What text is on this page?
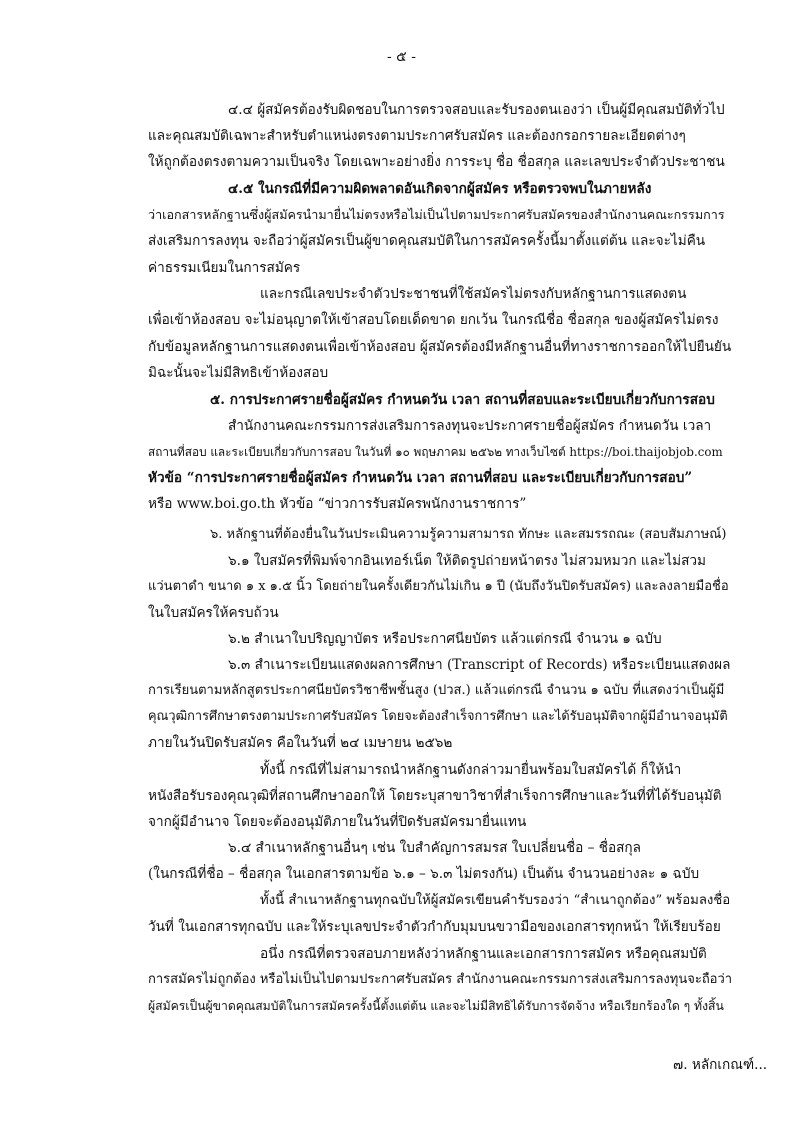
- ๕ -
๔.๔ ผู้สมัครต้องรับผิดชอบในการตรวจสอบและรับรองตนเองว่า เป็นผู้มีคุณสมบัติทั่วไป
และคุณสมบัติเฉพาะสำหรับตำแหน่งตรงตามประกาศรับสมัคร และต้องกรอกรายละเอียดต่างๆ
ให้ถูกต้องตรงตามความเป็นจริง โดยเฉพาะอย่างยิ่ง การระบุ ชื่อ ชื่อสกุล และเลขประจำตัวประชาชน
๔.๕ ในกรณีที่มีความผิดพลาดอันเกิดจากผู้สมัคร หรือตรวจพบในภายหลัง
ว่าเอกสารหลักฐานซึ่งผู้สมัครนำมายื่นไม่ตรงหรือไม่เป็นไปตามประกาศรับสมัครของสำนักงานคณะกรรมการ
ส่งเสริมการลงทุน จะถือว่าผู้สมัครเป็นผู้ขาดคุณสมบัติในการสมัครครั้งนี้มาตั้งแต่ต้น และจะไม่คืน
ค่าธรรมเนียมในการสมัคร
และกรณีเลขประจำตัวประชาชนที่ใช้สมัครไม่ตรงกับหลักฐานการแสดงตน
เพื่อเข้าห้องสอบ จะไม่อนุญาตให้เข้าสอบโดยเด็ดขาด ยกเว้น ในกรณีชื่อ ชื่อสกุล ของผู้สมัครไม่ตรง
กับข้อมูลหลักฐานการแสดงตนเพื่อเข้าห้องสอบ ผู้สมัครต้องมีหลักฐานอื่นที่ทางราชการออกให้ไปยืนยัน
มิฉะนั้นจะไม่มีสิทธิเข้าห้องสอบ
๕. การประกาศรายชื่อผู้สมัคร กำหนดวัน เวลา สถานที่สอบและระเบียบเกี่ยวกับการสอบ
สำนักงานคณะกรรมการส่งเสริมการลงทุนจะประกาศรายชื่อผู้สมัคร กำหนดวัน เวลา
สถานที่สอบ และระเบียบเกี่ยวกับการสอบ ในวันที่ ๑๐ พฤษภาคม ๒๕๖๒ ทางเว็บไซต์ https://boi.thaijobjob.com
หัวข้อ “การประกาศรายชื่อผู้สมัคร กำหนดวัน เวลา สถานที่สอบ และระเบียบเกี่ยวกับการสอบ”
หรือ www.boi.go.th หัวข้อ “ข่าวการรับสมัครพนักงานราชการ”
๖. หลักฐานที่ต้องยื่นในวันประเมินความรู้ความสามารถ ทักษะ และสมรรถณะ (สอบสัมภาษณ์)
๖.๑ ใบสมัครที่พิมพ์จากอินเทอร์เน็ต ให้ติดรูปถ่ายหน้าตรง ไม่สวมหมวก และไม่สวม
แว่นตาดำ ขนาด ๑ x ๑.๕ นิ้ว โดยถ่ายในครั้งเดียวกันไม่เกิน ๑ ปี (นับถึงวันปิดรับสมัคร) และลงลายมือชื่อ
ในใบสมัครให้ครบถ้วน
๖.๒ สำเนาใบปริญญาบัตร หรือประกาศนียบัตร แล้วแต่กรณี จำนวน ๑ ฉบับ
๖.๓ สำเนาระเบียนแสดงผลการศึกษา (Transcript of Records) หรือระเบียนแสดงผล
การเรียนตามหลักสูตรประกาศนียบัตรวิชาชีพชั้นสูง (ปวส.) แล้วแต่กรณี จำนวน ๑ ฉบับ ที่แสดงว่าเป็นผู้มี
คุณวุฒิการศึกษาตรงตามประกาศรับสมัคร โดยจะต้องสำเร็จการศึกษา และได้รับอนุมัติจากผู้มีอำนาจอนุมัติ
ภายในวันปิดรับสมัคร คือในวันที่ ๒๔ เมษายน ๒๕๖๒
ทั้งนี้ กรณีที่ไม่สามารถนำหลักฐานดังกล่าวมายื่นพร้อมใบสมัครได้ ก็ให้นำ
หนังสือรับรองคุณวุฒิที่สถานศึกษาออกให้ โดยระบุสาขาวิชาที่สำเร็จการศึกษาและวันที่ที่ได้รับอนุมัติ
จากผู้มีอำนาจ โดยจะต้องอนุมัติภายในวันที่ปิดรับสมัครมายื่นแทน
๖.๔ สำเนาหลักฐานอื่นๆ เช่น ใบสำคัญการสมรส ใบเปลี่ยนชื่อ – ชื่อสกุล
(ในกรณีที่ชื่อ – ชื่อสกุล ในเอกสารตามข้อ ๖.๑ – ๖.๓ ไม่ตรงกัน) เป็นต้น จำนวนอย่างละ ๑ ฉบับ
ทั้งนี้ สำเนาหลักฐานทุกฉบับให้ผู้สมัครเขียนคำรับรองว่า “สำเนาถูกต้อง” พร้อมลงชื่อ
วันที่ ในเอกสารทุกฉบับ และให้ระบุเลขประจำตัวกำกับมุมบนขวามือของเอกสารทุกหน้า ให้เรียบร้อย
อนึ่ง กรณีที่ตรวจสอบภายหลังว่าหลักฐานและเอกสารการสมัคร หรือคุณสมบัติ
การสมัครไม่ถูกต้อง หรือไม่เป็นไปตามประกาศรับสมัคร สำนักงานคณะกรรมการส่งเสริมการลงทุนจะถือว่า
ผู้สมัครเป็นผู้ขาดคุณสมบัติในการสมัครครั้งนี้ตั้งแต่ต้น และจะไม่มีสิทธิได้รับการจัดจ้าง หรือเรียกร้องใด ๆ ทั้งสิ้น
๗. หลักเกณฑ์...
